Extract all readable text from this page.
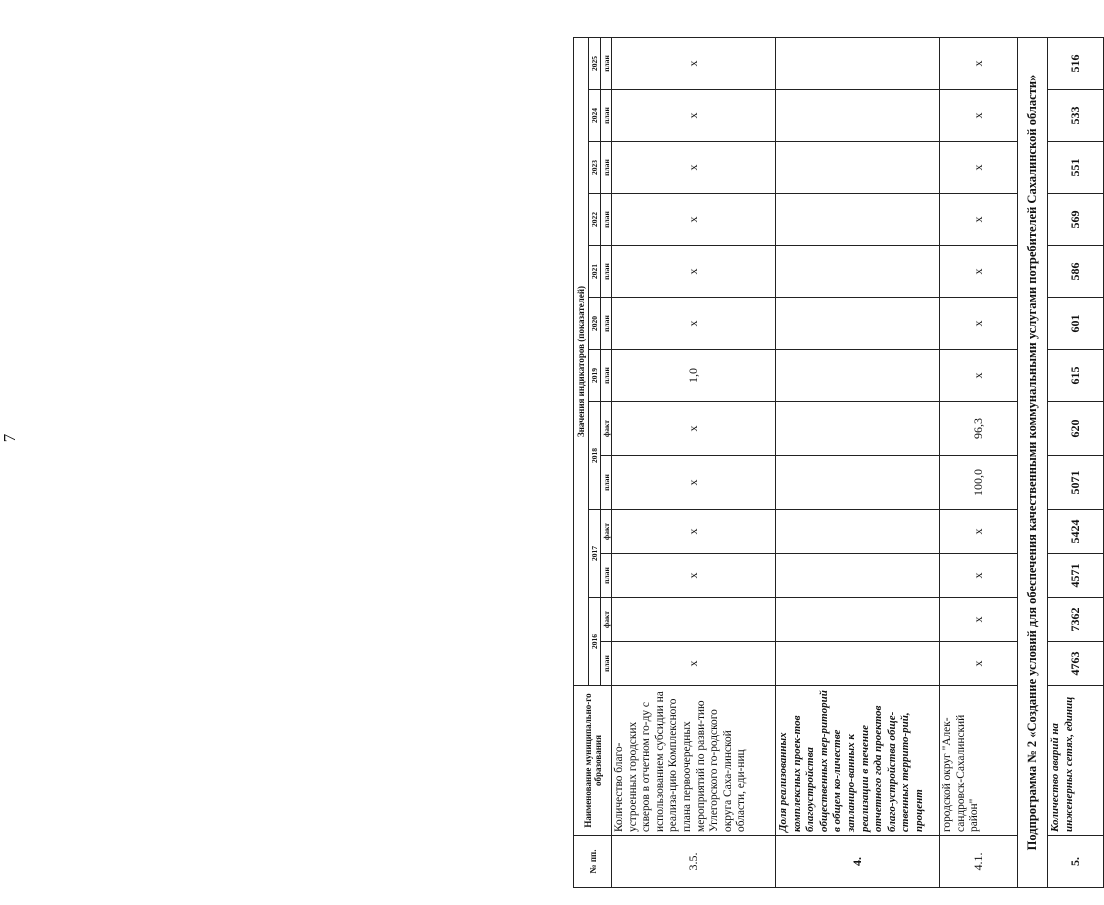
7
№ пп.	Наименование муниципально-го образования	Значения индикаторов (показателей)												
		2016		2017		2018		2019	2020	2021	2022	2023	2024	2025
		план	факт	план	факт	план	факт	план	план	план	план	план	план	план
3.5.	Количество благо-устроенных городских скверов в отчетном го-ду с использованием субсидии на реализа-цию Комплексного плана первоочередных мероприятий по разви-тию Углегорского го-родского округа Саха-линской области, еди-ниц	x		x	x	x	x	1,0	x	x	x	x	x	x
4.	Доля реализованных комплексных проек-тов благоустройства общественных тер-риторий в общем ко-личестве запланиро-ванных к реализации в течение отчетного года проектов благо-устройства обще-ственных террито-рий, процент													
4.1.	городской округ "Алек-сандровск-Сахалинский район"	x	x	x	x	100,0	96,3	x	x	x	x	x	x	x
Подпрограмма № 2 «Создание условий для обеспечения качественными коммунальными услугами потребителей Сахалинской области»														
5.	Количество аварий на инженерных сетях, единиц	4763	7362	4571	5424	5071	620	615	601	586	569	551	533	516
